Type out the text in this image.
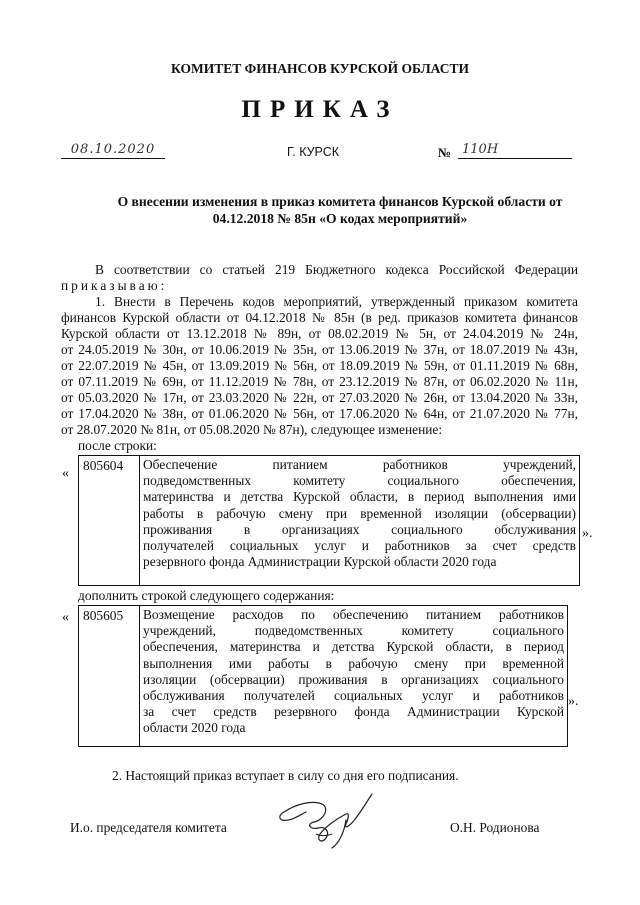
КОМИТЕТ ФИНАНСОВ КУРСКОЙ ОБЛАСТИ
ПРИКАЗ
08.10.2020	Г. КУРСК	№ 110Н
О внесении изменения в приказ комитета финансов Курской области от
04.12.2018 № 85н «О кодах мероприятий»
В соответствии со статьей 219 Бюджетного кодекса Российской Федерации
приказываю:
1. Внести в Перечень кодов мероприятий, утвержденный приказом комитета
финансов Курской области от 04.12.2018 № 85н (в ред. приказов комитета финансов
Курской области от 13.12.2018 № 89н, от 08.02.2019 № 5н, от 24.04.2019 № 24н,
от 24.05.2019 № 30н, от 10.06.2019 № 35н, от 13.06.2019 № 37н, от 18.07.2019 № 43н,
от 22.07.2019 № 45н, от 13.09.2019 № 56н, от 18.09.2019 № 59н, от 01.11.2019 № 68н,
от 07.11.2019 № 69н, от 11.12.2019 № 78н, от 23.12.2019 № 87н, от 06.02.2020 № 11н,
от 05.03.2020 № 17н, от 23.03.2020 № 22н, от 27.03.2020 № 26н, от 13.04.2020 № 33н,
от 17.04.2020 № 38н, от 01.06.2020 № 56н, от 17.06.2020 № 64н, от 21.07.2020 № 77н,
от 28.07.2020 № 81н, от 05.08.2020 № 87н), следующее изменение:
после строки:
«
805604	Обеспечение питанием работников учреждений,
подведомственных комитету социального обеспечения,
материнства и детства Курской области, в период выполнения ими
работы в рабочую смену при временной изоляции (обсервации)
проживания в организациях социального обслуживания
получателей социальных услуг и работников за счет средств
резервного фонда Администрации Курской области 2020 года
».
дополнить строкой следующего содержания:
« 805605	Возмещение расходов по обеспечению питанием работников
учреждений, подведомственных комитету социального
обеспечения, материнства и детства Курской области, в период
выполнения ими работы в рабочую смену при временной
изоляции (обсервации) проживания в организациях социального
обслуживания получателей социальных услуг и работников
за счет средств резервного фонда Администрации Курской
области 2020 года
».
2. Настоящий приказ вступает в силу со дня его подписания.
И.о. председателя комитета	О.Н. Родионова
